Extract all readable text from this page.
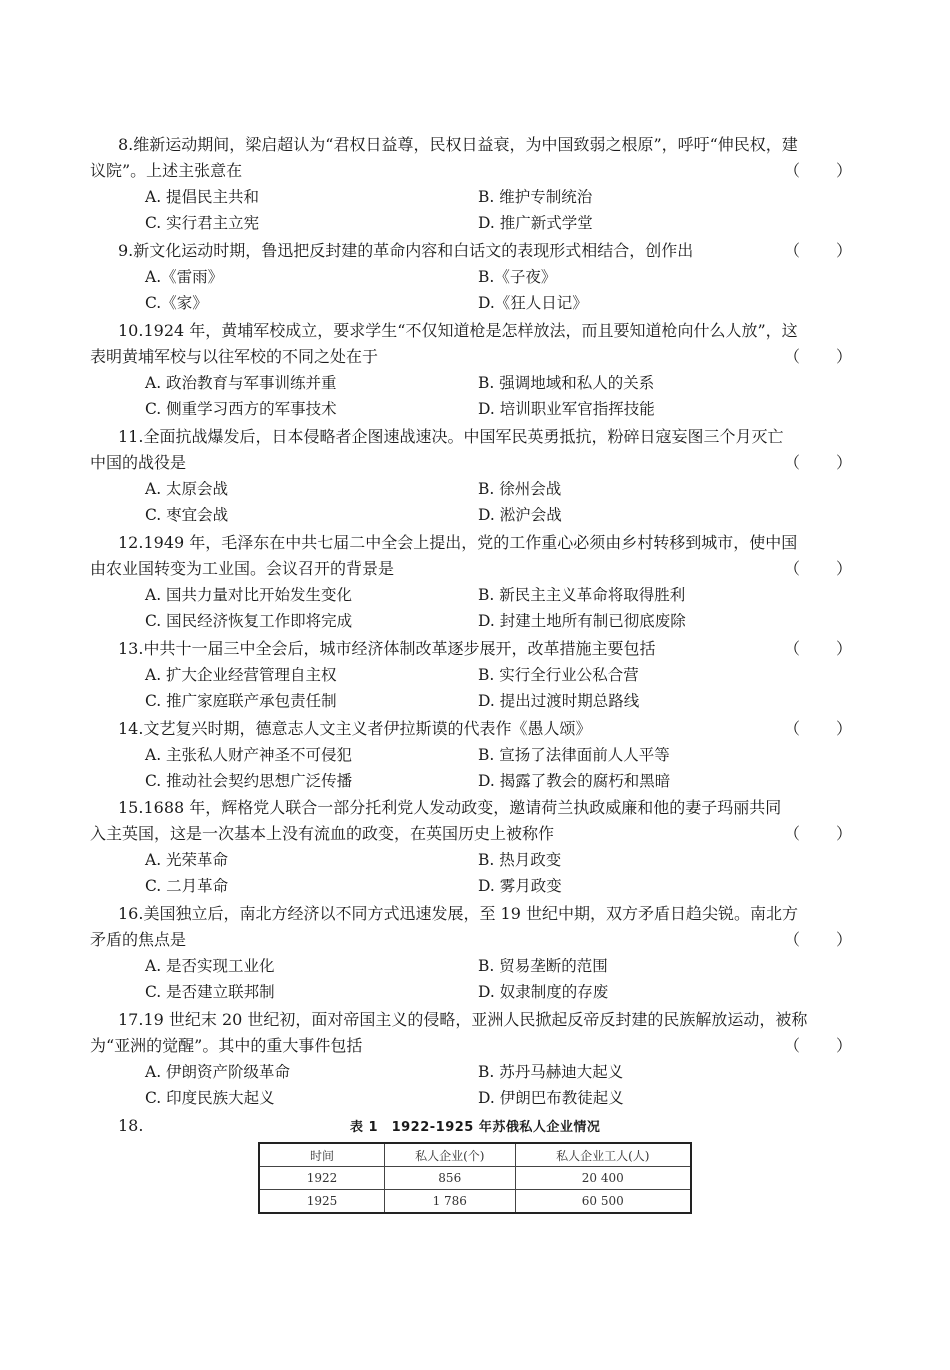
8.维新运动期间，梁启超认为“君权日益尊，民权日益衰，为中国致弱之根原”，呼吁“伸民权，建
议院”。上述主张意在	（　）
A. 提倡民主共和	B. 维护专制统治
C. 实行君主立宪	D. 推广新式学堂
9.新文化运动时期，鲁迅把反封建的革命内容和白话文的表现形式相结合，创作出	（　）
A.《雷雨》	B.《子夜》
C.《家》	D.《狂人日记》
10.1924 年，黄埔军校成立，要求学生“不仅知道枪是怎样放法，而且要知道枪向什么人放”，这
表明黄埔军校与以往军校的不同之处在于	（　）
A. 政治教育与军事训练并重	B. 强调地域和私人的关系
C. 侧重学习西方的军事技术	D. 培训职业军官指挥技能
11.全面抗战爆发后，日本侵略者企图速战速决。中国军民英勇抵抗，粉碎日寇妄图三个月灭亡
中国的战役是	（　）
A. 太原会战	B. 徐州会战
C. 枣宜会战	D. 淞沪会战
12.1949 年，毛泽东在中共七届二中全会上提出，党的工作重心必须由乡村转移到城市，使中国
由农业国转变为工业国。会议召开的背景是	（　）
A. 国共力量对比开始发生变化	B. 新民主主义革命将取得胜利
C. 国民经济恢复工作即将完成	D. 封建土地所有制已彻底废除
13.中共十一届三中全会后，城市经济体制改革逐步展开，改革措施主要包括	（　）
A. 扩大企业经营管理自主权	B. 实行全行业公私合营
C. 推广家庭联产承包责任制	D. 提出过渡时期总路线
14.文艺复兴时期，德意志人文主义者伊拉斯谟的代表作《愚人颂》	（　）
A. 主张私人财产神圣不可侵犯	B. 宣扬了法律面前人人平等
C. 推动社会契约思想广泛传播	D. 揭露了教会的腐朽和黑暗
15.1688 年，辉格党人联合一部分托利党人发动政变，邀请荷兰执政威廉和他的妻子玛丽共同
入主英国，这是一次基本上没有流血的政变，在英国历史上被称作	（　）
A. 光荣革命	B. 热月政变
C. 二月革命	D. 雾月政变
16.美国独立后，南北方经济以不同方式迅速发展，至 19 世纪中期，双方矛盾日趋尖锐。南北方
矛盾的焦点是	（　）
A. 是否实现工业化	B. 贸易垄断的范围
C. 是否建立联邦制	D. 奴隶制度的存废
17.19 世纪末 20 世纪初，面对帝国主义的侵略，亚洲人民掀起反帝反封建的民族解放运动，被称
为“亚洲的觉醒”。其中的重大事件包括	（　）
A. 伊朗资产阶级革命	B. 苏丹马赫迪大起义
C. 印度民族大起义	D. 伊朗巴布教徒起义
18.	表 1　1922-1925 年苏俄私人企业情况
时间	私人企业(个)	私人企业工人(人)
1922	856	20 400
1925	1 786	60 500
